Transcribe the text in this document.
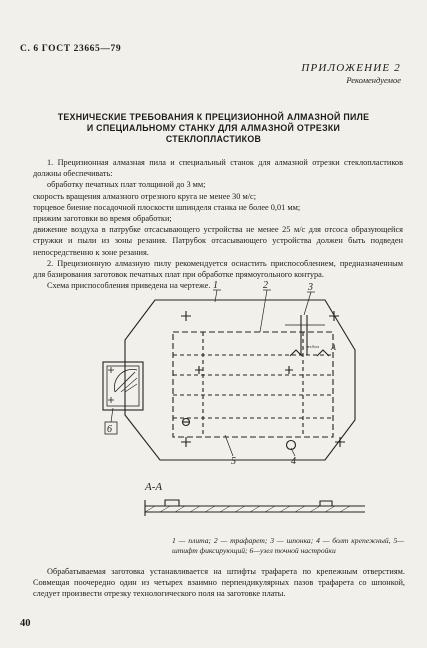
С. 6 ГОСТ 23665—79
ПРИЛОЖЕНИЕ 2
Рекомендуемое
ТЕХНИЧЕСКИЕ ТРЕБОВАНИЯ К ПРЕЦИЗИОННОЙ АЛМАЗНОЙ ПИЛЕ
И СПЕЦИАЛЬНОМУ СТАНКУ ДЛЯ АЛМАЗНОЙ ОТРЕЗКИ
СТЕКЛОПЛАСТИКОВ

1. Прецизионная алмазная пила и специальный станок для алмазной отрезки стеклопластиков должны обеспечивать:

обработку печатных плат толщиной до 3 мм;

скорость вращения алмазного отрезного круга не менее 30 м/с;

торцевое биение посадочной плоскости шпинделя станка не более 0,01 мм;

прижим заготовки во время обработки;

движение воздуха в патрубке отсасывающего устройства не менее 25 м/с для отсоса образующейся стружки и пыли из зоны резания. Патрубок отсасывающего устройства должен быть подведен непосредственно к зоне резания.

2. Прецизионную алмазную пилу рекомендуется оснастить приспособлением, предназначенным для базирования заготовок печатных плат при обработке прямоугольного контура.

Схема приспособления приведена на чертеже. 1	2	3
4
5
6
А
нт.бол
А-А
1 — плита; 2 — трафарет; 3 — шпонка; 4 — болт крепежный, 5—штифт фиксирующий; 6—узел точной настройки

Обрабатываемая заготовка устанавливается на штифты трафарета по крепежным отверстиям. Совмещая поочередно один из четырех взаимно перпендикулярных пазов трафарета со шпонкой, следует произвести отрезку технологического поля на заготовке платы.

40
